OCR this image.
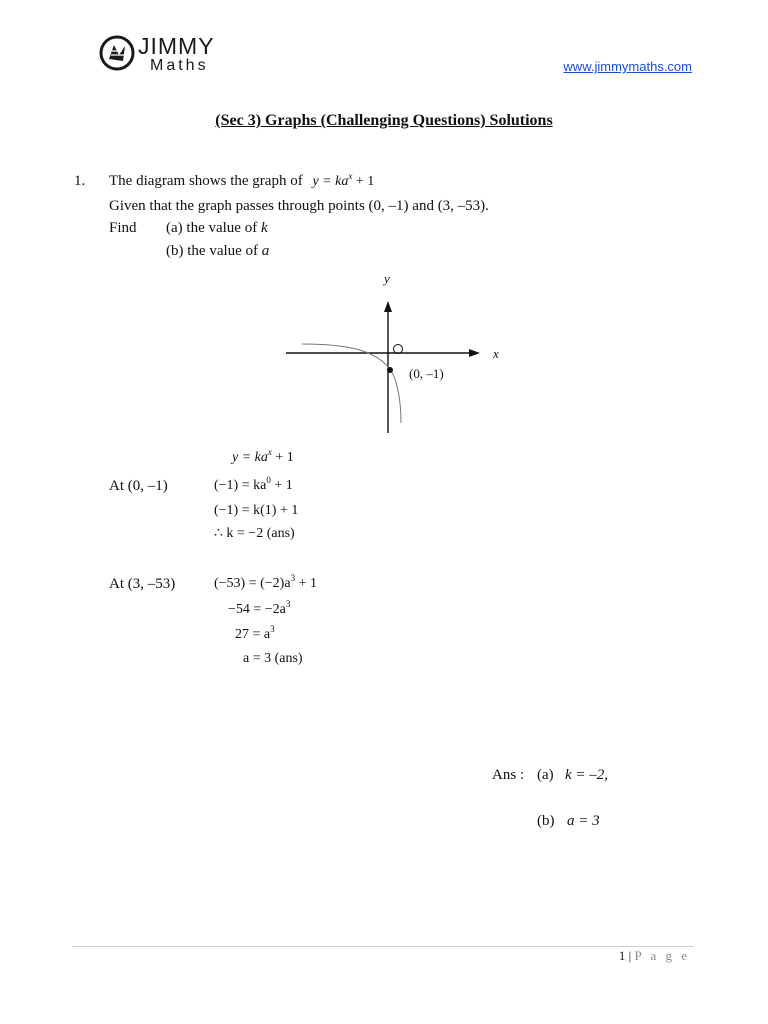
JIMMY
Maths	www.jimmymaths.com
(Sec 3) Graphs (Challenging Questions) Solutions
1. The diagram shows the graph of $y = ka^x + 1$
Given that the graph passes through points (0, –1) and (3, –53).
Find (a) the value of k
(b) the value of a
y
x
(0, –1)
$y = ka^x + 1$
At (0, –1)	$(-1) = ka^0 + 1$
(−1) = k(1) + 1
∴ k = −2 (ans)
At (3, –53)	$(-53) = (-2)a^3 + 1$
$-54 = -2a^3$
$27 = a^3$
a = 3 (ans)
Ans : (a) k = –2,
(b) a = 3
1 | P a g e
